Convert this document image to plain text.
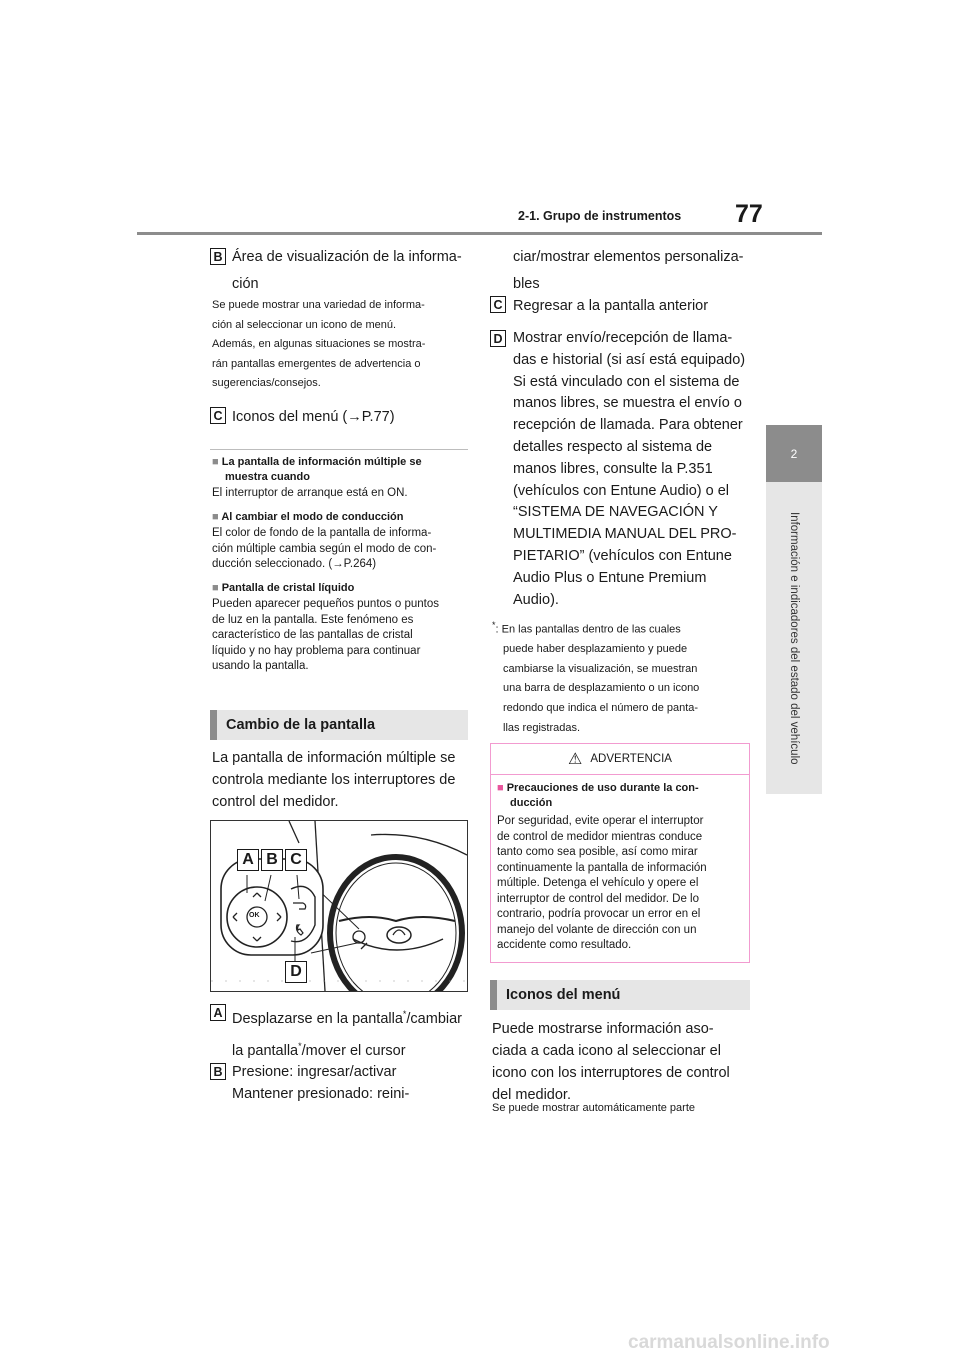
2-1. Grupo de instrumentos 77
2
Información e indicadores del estado del vehículo
B Área de visualización de la informa-
ción
Se puede mostrar una variedad de informa-
ción al seleccionar un icono de menú.
Además, en algunas situaciones se mostra-
rán pantallas emergentes de advertencia o
sugerencias/consejos.
C Iconos del menú (→P.77)
■ La pantalla de información múltiple se
muestra cuando
El interruptor de arranque está en ON.
■ Al cambiar el modo de conducción
El color de fondo de la pantalla de informa-
ción múltiple cambia según el modo de con-
ducción seleccionado. (→P.264)
■ Pantalla de cristal líquido
Pueden aparecer pequeños puntos o puntos
de luz en la pantalla. Este fenómeno es
característico de las pantallas de cristal
líquido y no hay problema para continuar
usando la pantalla.
Cambio de la pantalla
La pantalla de información múltiple se
controla mediante los interruptores de
control del medidor.
A B C
D
OK
A Desplazarse en la pantalla*/cambiar
la pantalla*/mover el cursor
B Presione: ingresar/activar
Mantener presionado: reini-
ciar/mostrar elementos personaliza-
bles
C Regresar a la pantalla anterior
D Mostrar envío/recepción de llama-
das e historial (si así está equipado)
Si está vinculado con el sistema de
manos libres, se muestra el envío o
recepción de llamada. Para obtener
detalles respecto al sistema de
manos libres, consulte la P.351
(vehículos con Entune Audio) o el
“SISTEMA DE NAVEGACIÓN Y
MULTIMEDIA MANUAL DEL PRO-
PIETARIO” (vehículos con Entune
Audio Plus o Entune Premium
Audio).
*: En las pantallas dentro de las cuales
puede haber desplazamiento y puede
cambiarse la visualización, se muestran
una barra de desplazamiento o un icono
redondo que indica el número de panta-
llas registradas.
⚠ ADVERTENCIA
■ Precauciones de uso durante la con-
ducción
Por seguridad, evite operar el interruptor
de control de medidor mientras conduce
tanto como sea posible, así como mirar
continuamente la pantalla de información
múltiple. Detenga el vehículo y opere el
interruptor de control del medidor. De lo
contrario, podría provocar un error en el
manejo del volante de dirección con un
accidente como resultado.
Iconos del menú
Puede mostrarse información aso-
ciada a cada icono al seleccionar el
icono con los interruptores de control
del medidor.
Se puede mostrar automáticamente parte
carmanualsonline.info
